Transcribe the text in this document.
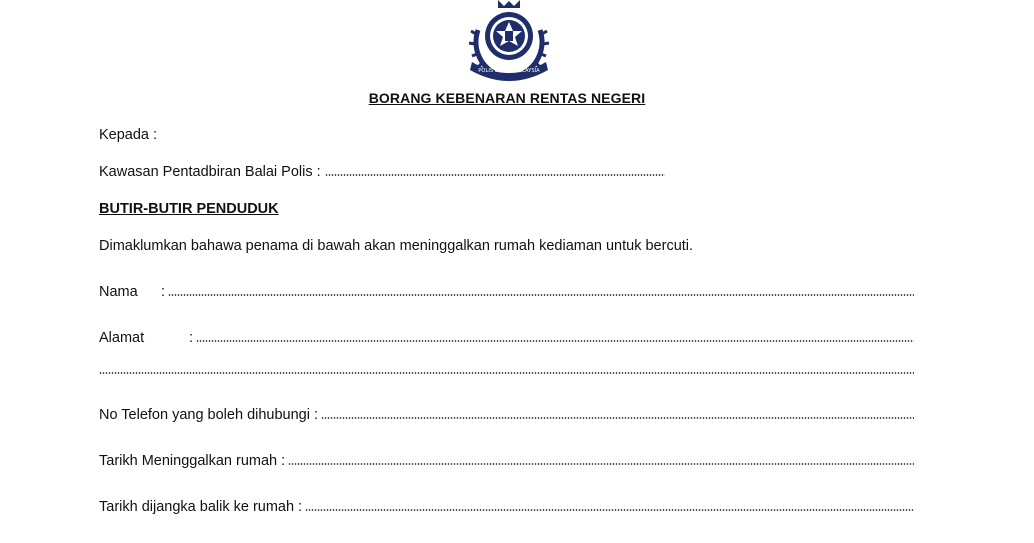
POLIS DIRAJA MALAYSIA
BORANG KEBENARAN RENTAS NEGERI
Kepada :
Kawasan Pentadbiran Balai Polis :
BUTIR-BUTIR PENDUDUK
Dimaklumkan bahawa penama di bawah akan meninggalkan rumah kediaman untuk bercuti.
Nama	:
Alamat	:
No Telefon yang boleh dihubungi :
Tarikh Meninggalkan rumah :
Tarikh dijangka balik ke rumah :
